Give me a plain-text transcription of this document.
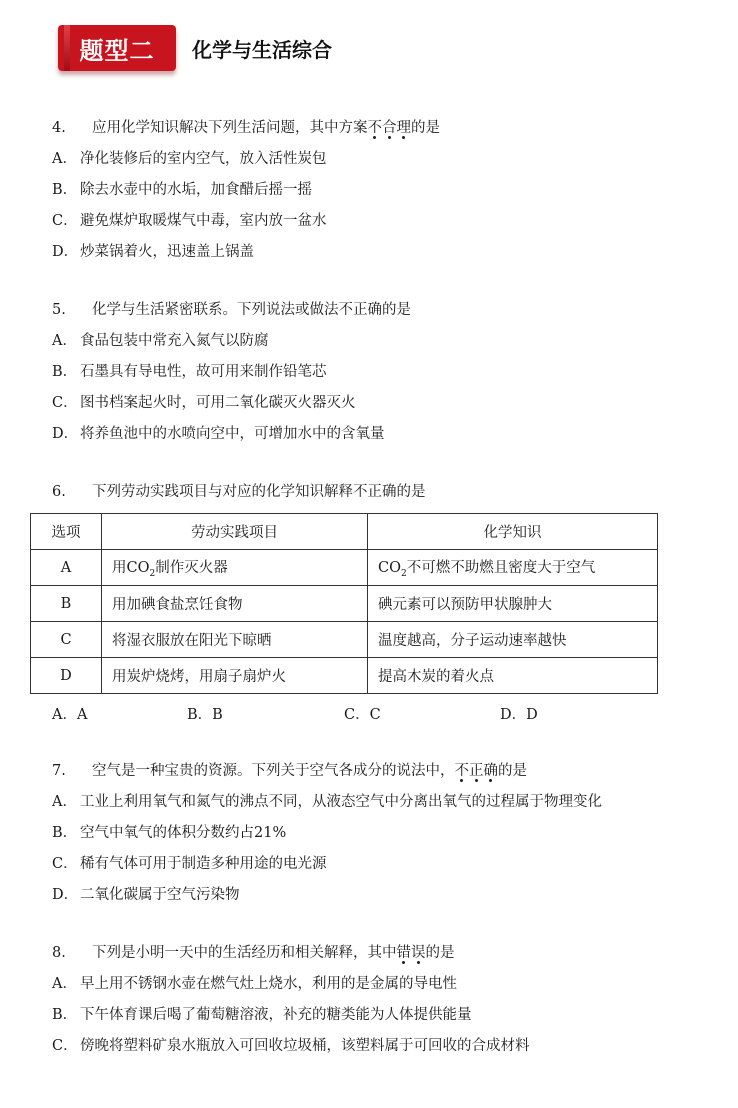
题型二	化学与生活综合
4.	应用化学知识解决下列生活问题，其中方案 不合理 的是
A． 净化装修后的室内空气，放入活性炭包
B． 除去水壶中的水垢，加食醋后摇一摇
C． 避免煤炉取暖煤气中毒，室内放一盆水
D． 炒菜锅着火，迅速盖上锅盖
5.	化学与生活紧密联系。下列说法或做法不正确的是
A． 食品包装中常充入氮气以防腐
B． 石墨具有导电性，故可用来制作铅笔芯
C． 图书档案起火时，可用二氧化碳灭火器灭火
D． 将养鱼池中的水喷向空中，可增加水中的含氧量
6.	下列劳动实践项目与对应的化学知识解释不正确的是
选项	劳动实践项目	化学知识
A	用$CO_2$制作灭火器	$CO_2$不可燃不助燃且密度大于空气
B	用加碘食盐烹饪食物	碘元素可以预防甲状腺肿大
C	将湿衣服放在阳光下晾晒	温度越高，分子运动速率越快
D	用炭炉烧烤，用扇子扇炉火	提高木炭的着火点
A．A	B．B	C．C	D．D
7.	空气是一种宝贵的资源。下列关于空气各成分的说法中， 不正确 的是
A． 工业上利用氧气和氮气的沸点不同，从液态空气中分离出氧气的过程属于物理变化
B． 空气中氧气的体积分数约占21%
C． 稀有气体可用于制造多种用途的电光源
D． 二氧化碳属于空气污染物
8.	下列是小明一天中的生活经历和相关解释，其中 错误 的是
A． 早上用不锈钢水壶在燃气灶上烧水，利用的是金属的导电性
B． 下午体育课后喝了葡萄糖溶液，补充的糖类能为人体提供能量
C． 傍晚将塑料矿泉水瓶放入可回收垃圾桶，该塑料属于可回收的合成材料
